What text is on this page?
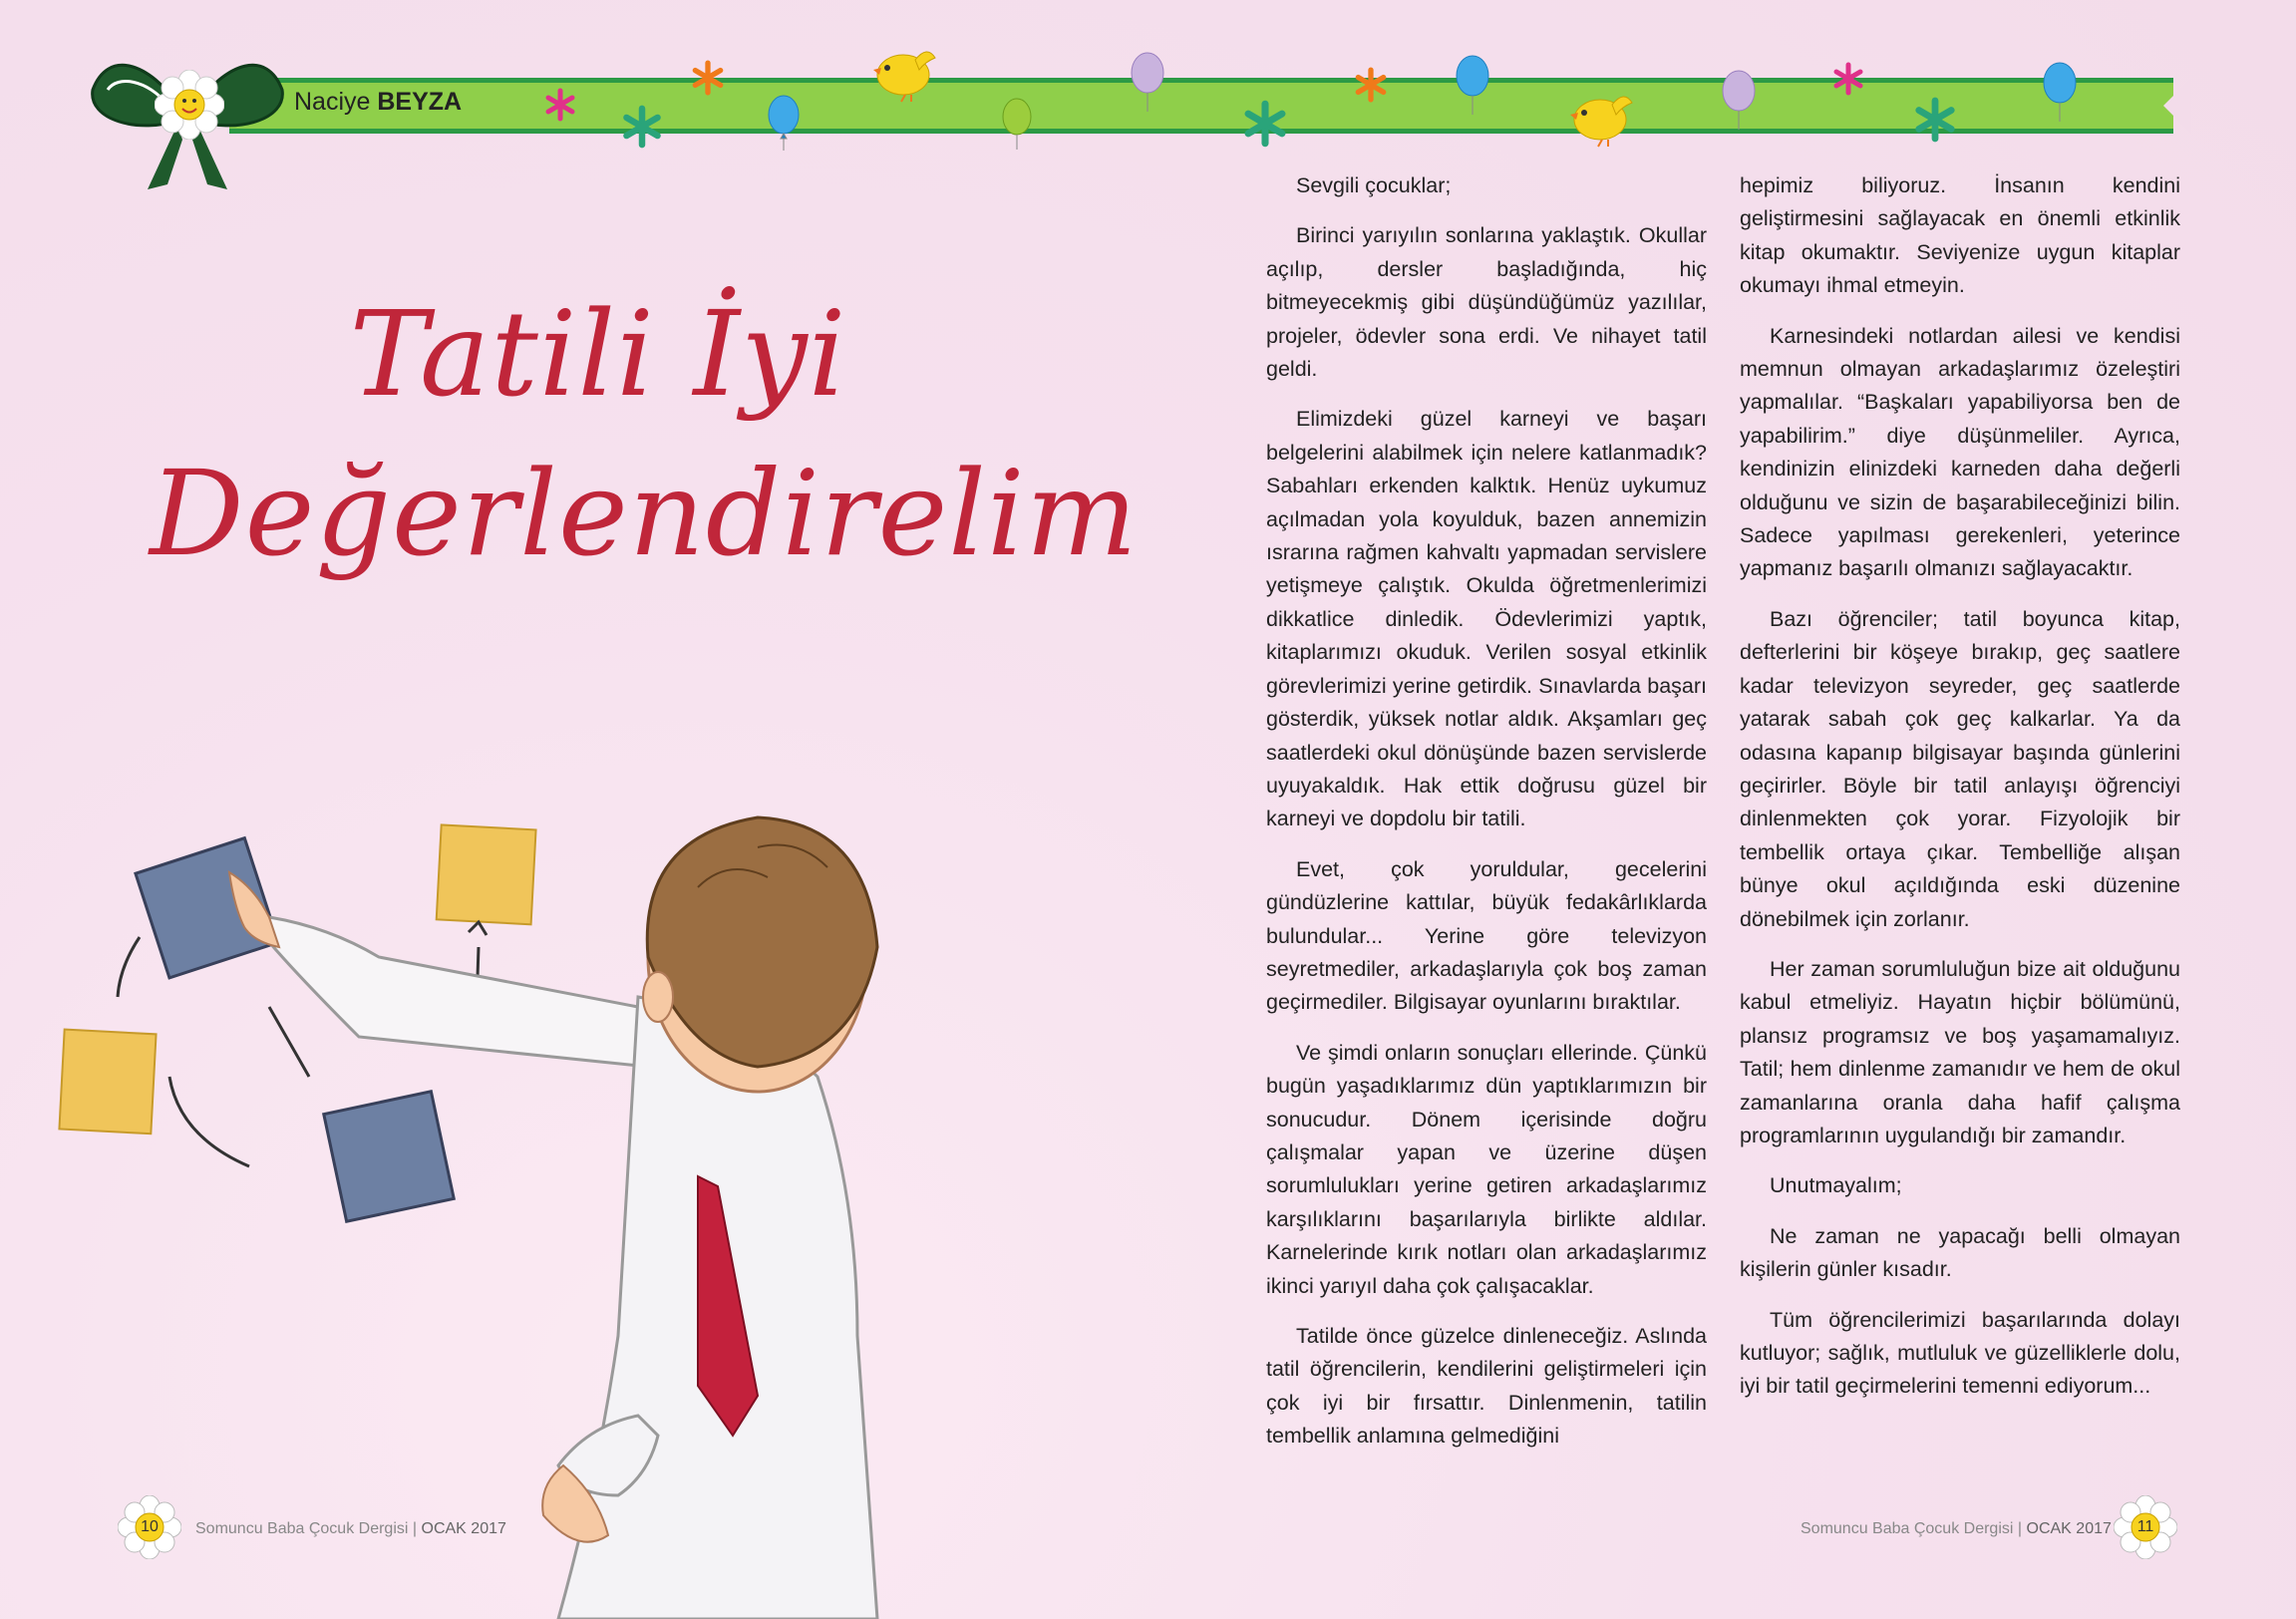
Naciye BEYZA
Tatili İyi
Değerlendirelim

Sevgili çocuklar;

Birinci yarıyılın sonlarına yaklaştık. Okullar açılıp, dersler başladığında, hiç bitmeyecekmiş gibi düşündüğümüz yazılılar, projeler, ödevler sona erdi. Ve nihayet tatil geldi.

Elimizdeki güzel karneyi ve başarı belgelerini alabilmek için nelere katlanmadık? Sabahları erkenden kalktık. Henüz uykumuz açılmadan yola koyulduk, bazen annemizin ısrarına rağmen kahvaltı yapmadan servislere yetişmeye çalıştık. Okulda öğretmenlerimizi dikkatlice dinledik. Ödevlerimizi yaptık, kitaplarımızı okuduk. Verilen sosyal etkinlik görevlerimizi yerine getirdik. Sınavlarda başarı gösterdik, yüksek notlar aldık. Akşamları geç saatlerdeki okul dönüşünde bazen servislerde uyuyakaldık. Hak ettik doğrusu güzel bir karneyi ve dopdolu bir tatili.

Evet, çok yoruldular, gecelerini gündüzlerine kattılar, büyük fedakârlıklarda bulundular... Yerine göre televizyon seyretmediler, arkadaşlarıyla çok boş zaman geçirmediler. Bilgisayar oyunlarını bıraktılar.

Ve şimdi onların sonuçları ellerinde. Çünkü bugün yaşadıklarımız dün yaptıklarımızın bir sonucudur. Dönem içerisinde doğru çalışmalar yapan ve üzerine düşen sorumlulukları yerine getiren arkadaşlarımız karşılıklarını başarılarıyla birlikte aldılar. Karnelerinde kırık notları olan arkadaşlarımız ikinci yarıyıl daha çok çalışacaklar.

Tatilde önce güzelce dinleneceğiz. Aslında tatil öğrencilerin, kendilerini geliştirmeleri için çok iyi bir fırsattır. Dinlenmenin, tatilin tembellik anlamına gelmediğini

hepimiz biliyoruz. İnsanın kendini geliştirmesini sağlayacak en önemli etkinlik kitap okumaktır. Seviyenize uygun kitaplar okumayı ihmal etmeyin.

Karnesindeki notlardan ailesi ve kendisi memnun olmayan arkadaşlarımız özeleştiri yapmalılar. “Başkaları yapabiliyorsa ben de yapabilirim.” diye düşünmeliler. Ayrıca, kendinizin elinizdeki karneden daha değerli olduğunu ve sizin de başarabileceğinizi bilin. Sadece yapılması gerekenleri, yeterince yapmanız başarılı olmanızı sağlayacaktır.

Bazı öğrenciler; tatil boyunca kitap, defterlerini bir köşeye bırakıp, geç saatlere kadar televizyon seyreder, geç saatlerde yatarak sabah çok geç kalkarlar. Ya da odasına kapanıp bilgisayar başında günlerini geçirirler. Böyle bir tatil anlayışı öğrenciyi dinlenmekten çok yorar. Fizyolojik bir tembellik ortaya çıkar. Tembelliğe alışan bünye okul açıldığında eski düzenine dönebilmek için zorlanır.

Her zaman sorumluluğun bize ait olduğunu kabul etmeliyiz. Hayatın hiçbir bölümünü, plansız programsız ve boş yaşamamalıyız. Tatil; hem dinlenme zamanıdır ve hem de okul zamanlarına oranla daha hafif çalışma programlarının uygulandığı bir zamandır.

Unutmayalım;

Ne zaman ne yapacağı belli olmayan kişilerin günler kısadır.

Tüm öğrencilerimizi başarılarında dolayı kutluyor; sağlık, mutluluk ve güzelliklerle dolu, iyi bir tatil geçirmelerini temenni ediyorum...

10	Somuncu Baba Çocuk Dergisi | OCAK 2017	Somuncu Baba Çocuk Dergisi | OCAK 2017	11
